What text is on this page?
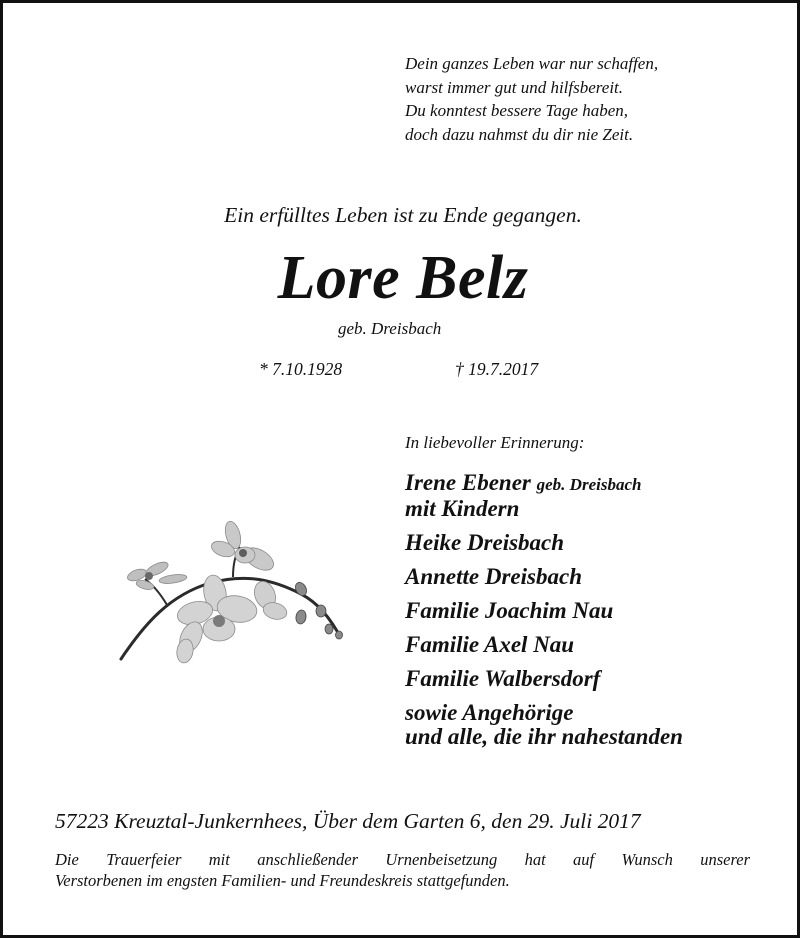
Dein ganzes Leben war nur schaffen,
warst immer gut und hilfsbereit.
Du konntest bessere Tage haben,
doch dazu nahmst du dir nie Zeit.
Ein erfülltes Leben ist zu Ende gegangen.
Lore Belz
geb. Dreisbach
* 7.10.1928	† 19.7.2017
In liebevoller Erinnerung:
Irene Ebener geb. Dreisbach
mit Kindern
Heike Dreisbach
Annette Dreisbach
Familie Joachim Nau
Familie Axel Nau
Familie Walbersdorf
sowie Angehörige
und alle, die ihr nahestanden
57223 Kreuztal-Junkernhees, Über dem Garten 6, den 29. Juli 2017
Die Trauerfeier mit anschließender Urnenbeisetzung hat auf Wunsch unserer
Verstorbenen im engsten Familien- und Freundeskreis stattgefunden.
